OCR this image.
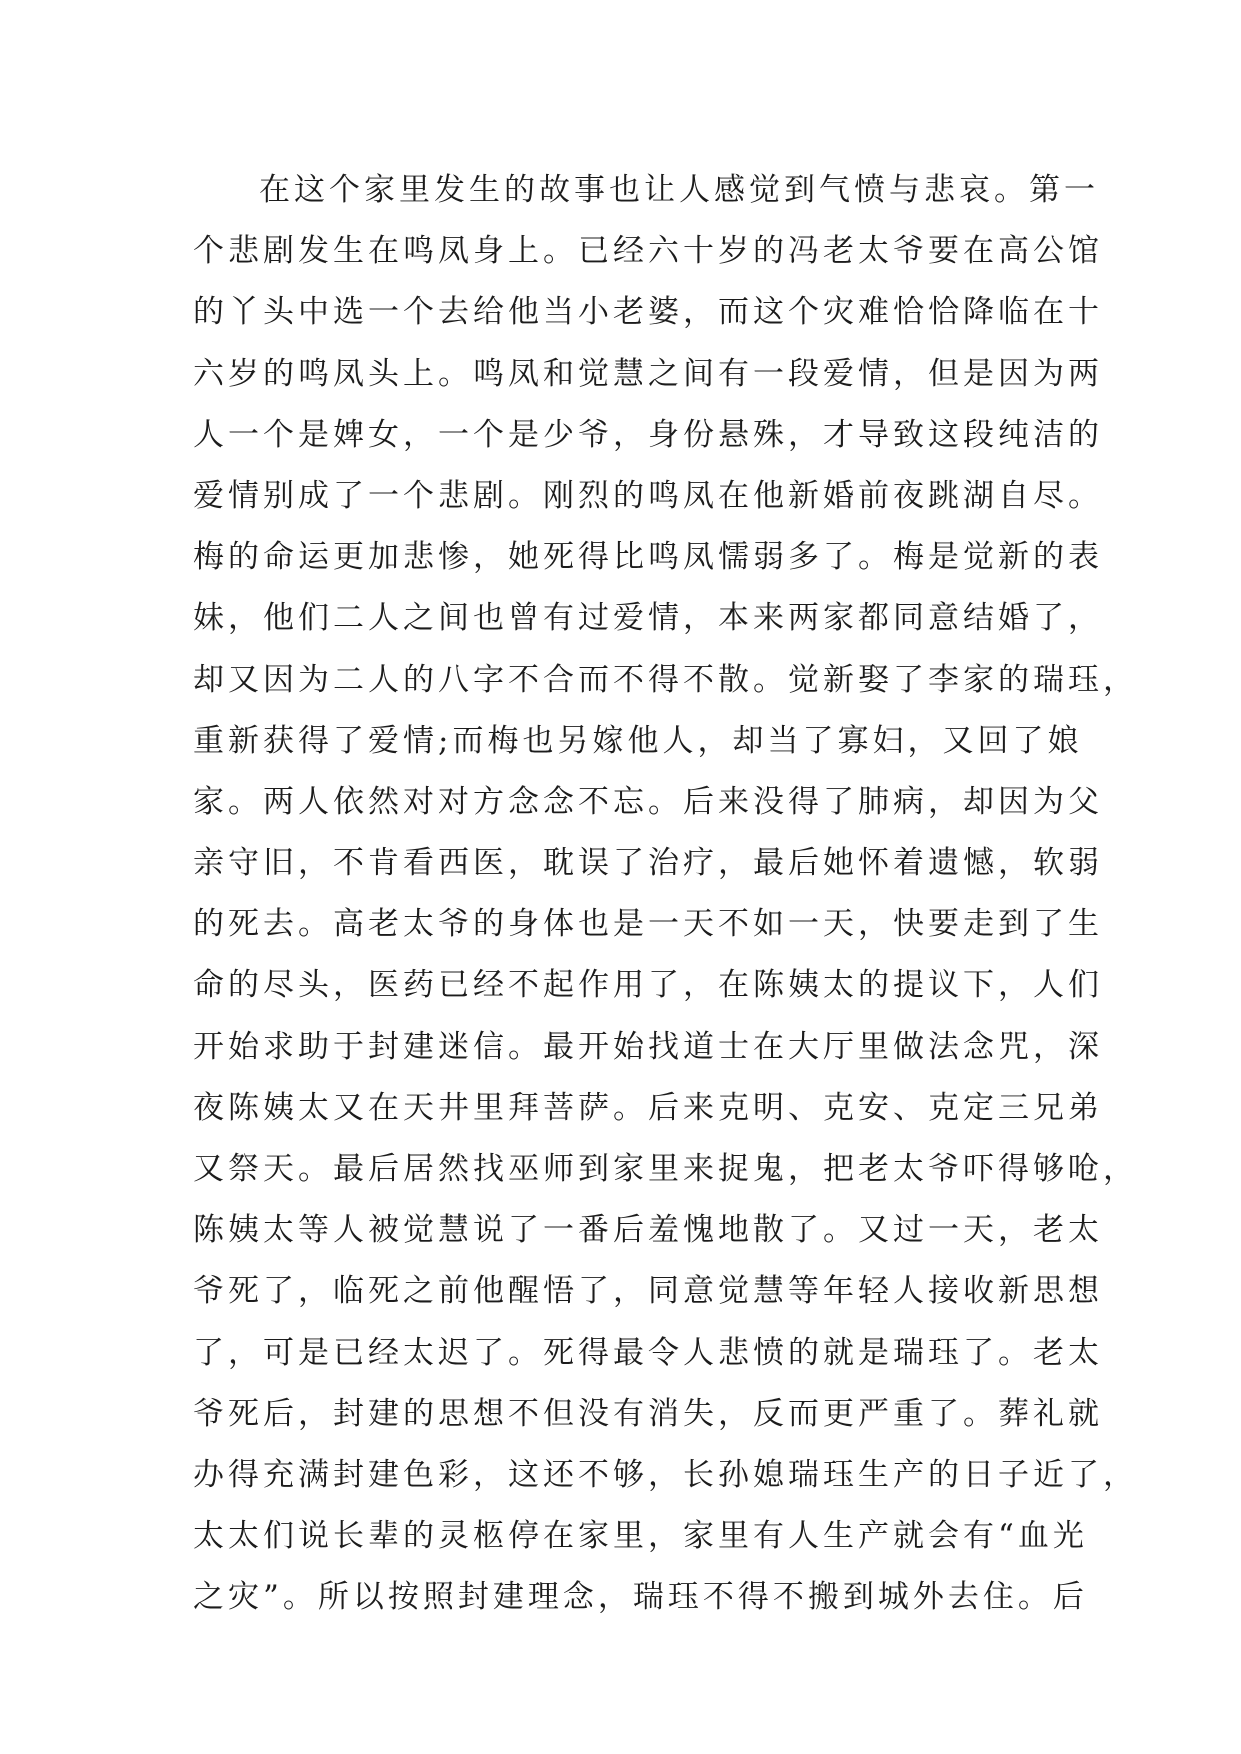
在这个家里发生的故事也让人感觉到气愤与悲哀。第一
个悲剧发生在鸣凤身上。已经六十岁的冯老太爷要在高公馆
的丫头中选一个去给他当小老婆，而这个灾难恰恰降临在十
六岁的鸣凤头上。鸣凤和觉慧之间有一段爱情，但是因为两
人一个是婢女，一个是少爷，身份悬殊，才导致这段纯洁的
爱情别成了一个悲剧。刚烈的鸣凤在他新婚前夜跳湖自尽。
梅的命运更加悲惨，她死得比鸣凤懦弱多了。梅是觉新的表
妹，他们二人之间也曾有过爱情，本来两家都同意结婚了，
却又因为二人的八字不合而不得不散。觉新娶了李家的瑞珏，
重新获得了爱情;而梅也另嫁他人，却当了寡妇，又回了娘
家。两人依然对对方念念不忘。后来没得了肺病，却因为父
亲守旧，不肯看西医，耽误了治疗，最后她怀着遗憾，软弱
的死去。高老太爷的身体也是一天不如一天，快要走到了生
命的尽头，医药已经不起作用了，在陈姨太的提议下，人们
开始求助于封建迷信。最开始找道士在大厅里做法念咒，深
夜陈姨太又在天井里拜菩萨。后来克明、克安、克定三兄弟
又祭天。最后居然找巫师到家里来捉鬼，把老太爷吓得够呛，
陈姨太等人被觉慧说了一番后羞愧地散了。又过一天，老太
爷死了，临死之前他醒悟了，同意觉慧等年轻人接收新思想
了，可是已经太迟了。死得最令人悲愤的就是瑞珏了。老太
爷死后，封建的思想不但没有消失，反而更严重了。葬礼就
办得充满封建色彩，这还不够，长孙媳瑞珏生产的日子近了，
太太们说长辈的灵柩停在家里，家里有人生产就会有“血光
之灾”。所以按照封建理念，瑞珏不得不搬到城外去住。后
